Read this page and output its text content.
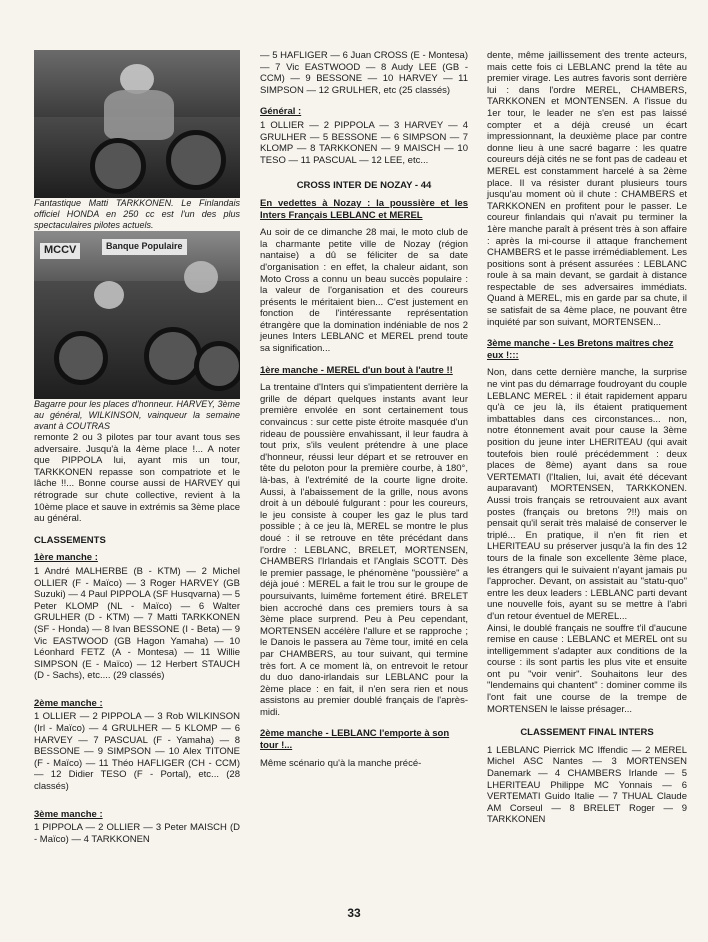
Fantastique Matti TARKKONEN. Le Finlandais officiel HONDA en 250 cc est l'un des plus spectaculaires pilotes actuels.

MCCV	Banque Populaire

Bagarre pour les places d'honneur. HARVEY, 3ème au général, WILKINSON, vainqueur la semaine avant à COUTRAS

remonte 2 ou 3 pilotes par tour avant tous ses adversaire. Jusqu'à la 4ème place !... A noter que PIPPOLA lui, ayant mis un tour, TARKKONEN repasse son compatriote et le lâche !!... Bonne course aussi de HARVEY qui rétrograde sur chute collective, revient à la 10ème place et sauve in extrémis sa 3ème place au général.

CLASSEMENTS
1ère manche :

1 André MALHERBE (B - KTM) — 2 Michel OLLIER (F - Maïco) — 3 Roger HARVEY (GB Suzuki) — 4 Paul PIPPOLA (SF Husqvarna) — 5 Peter KLOMP (NL - Maïco) — 6 Walter GRULHER (D - KTM) — 7 Matti TARKKONEN (SF - Honda) — 8 Ivan BESSONE (I - Beta) — 9 Vic EASTWOOD (GB Hagon Yamaha) — 10 Léonhard FETZ (A - Montesa) — 11 Willie SIMPSON (E - Maïco) — 12 Herbert STAUCH (D - Sachs), etc.... (29 classés)

2ème manche :

1 OLLIER — 2 PIPPOLA — 3 Rob WILKINSON (Irl - Maïco) — 4 GRULHER — 5 KLOMP — 6 HARVEY — 7 PASCUAL (F - Yamaha) — 8 BESSONE — 9 SIMPSON — 10 Alex TITONE (F - Maïco) — 11 Théo HAFLIGER (CH - CCM) — 12 Didier TESO (F - Portal), etc... (28 classés)

3ème manche :

1 PIPPOLA — 2 OLLIER — 3 Peter MAISCH (D - Maïco) — 4 TARKKONEN

— 5 HAFLIGER — 6 Juan CROSS (E - Montesa) — 7 Vic EASTWOOD — 8 Audy LEE (GB - CCM) — 9 BESSONE — 10 HARVEY — 11 SIMPSON — 12 GRULHER, etc (25 classés)

Général :

1 OLLIER — 2 PIPPOLA — 3 HARVEY — 4 GRULHER — 5 BESSONE — 6 SIMPSON — 7 KLOMP — 8 TARKKONEN — 9 MAISCH — 10 TESO — 11 PASCUAL — 12 LEE, etc...

CROSS INTER DE NOZAY - 44

En vedettes à Nozay : la poussière et les Inters Français LEBLANC et MEREL

Au soir de ce dimanche 28 mai, le moto club de la charmante petite ville de Nozay (région nantaise) a dû se féliciter de sa date d'organisation : en effet, la chaleur aidant, son Moto Cross a connu un beau succès populaire : la valeur de l'organisation et des coureurs présents le méritaient bien... C'est justement en fonction de l'intéressante représentation étrangère que la domination indéniable de nos 2 jeunes Inters LEBLANC et MEREL prend toute sa signification...

1ère manche - MEREL d'un bout à l'autre !!

La trentaine d'Inters qui s'impatientent derrière la grille de départ quelques instants avant leur première envolée en sont certainement tous convaincus : sur cette piste étroite masquée d'un rideau de poussière envahissant, il leur faudra à tout prix, s'ils veulent prétendre à une place d'honneur, réussi leur départ et se retrouver en tête du peloton pour la première courbe, à 180°, là-bas, à l'extrémité de la courte ligne droite. Aussi, à l'abaissement de la grille, nous avons droit à un déboulé fulgurant : pour les coureurs, le jeu consiste à couper les gaz le plus tard possible ; à ce jeu là, MEREL se montre le plus doué : il se retrouve en tête précédant dans l'ordre : LEBLANC, BRELET, MORTENSEN, CHAMBERS l'Irlandais et l'Anglais SCOTT. Dès le premier passage, le phénomène "poussière" a déjà joué : MEREL a fait le trou sur le groupe de poursuivants, luimême fortement étiré. BRELET bien accroché dans ces premiers tours à sa 3ème place surprend. Peu à Peu cependant, MORTENSEN accélère l'allure et se rapproche ; le Danois le passera au 7ème tour, imité en cela par CHAMBERS, au tour suivant, qui termine très fort. A ce moment là, on entrevoit le retour du duo dano-irlandais sur LEBLANC pour la 2ème place : en fait, il n'en sera rien et nous assistons au premier doublé français de l'après-midi.

2ème manche - LEBLANC l'emporte à son tour !...

Même scénario qu'à la manche précé-

dente, même jaillissement des trente acteurs, mais cette fois ci LEBLANC prend la tête au premier virage. Les autres favoris sont derrière lui : dans l'ordre MEREL, CHAMBERS, TARKKONEN et MONTENSEN. A l'issue du 1er tour, le leader ne s'en est pas laissé compter et a déjà creusé un écart impressionnant, la deuxième place par contre donne lieu à une sacré bagarre : les quatre coureurs déjà cités ne se font pas de cadeau et MEREL est constamment harcelé à sa 2ème place. Il va résister durant plusieurs tours jusqu'au moment où il chute : CHAMBERS et TARKKONEN en profitent pour le passer. Le coureur finlandais qui n'avait pu terminer la 1ère manche paraît à présent très à son affaire : après la mi-course il attaque franchement CHAMBERS et le passe irrémédiablement. Les positions sont à présent assurées : LEBLANC roule à sa main devant, se gardait à distance respectable de ses adversaires immédiats. Quand à MEREL, mis en garde par sa chute, il se satisfait de sa 4ème place, ne pouvant être inquiété par son suivant, MORTENSEN...

3ème manche - Les Bretons maîtres chez eux !:::

Non, dans cette dernière manche, la surprise ne vint pas du démarrage foudroyant du couple LEBLANC MEREL : il était rapidement apparu qu'à ce jeu là, ils étaient pratiquement imbattables dans ces circonstances... non, notre étonnement avait pour cause la 3ème position du jeune inter LHERITEAU (qui avait toutefois bien roulé précédemment : deux places de 8ème) ayant dans sa roue VERTEMATI (l'Italien, lui, avait été décevant auparavant) MORTENSEN, TARKKONEN. Aussi trois français se retrouvaient aux avant postes (français ou bretons ?!!) mais on pensait qu'il serait très malaisé de conserver le triplé... En pratique, il n'en fit rien et LHERITEAU su préserver jusqu'à la fin des 12 tours de la finale son excellente 3ème place, les étrangers qui le suivaient n'ayant jamais pu l'approcher. Devant, on assistait au "statu-quo" entre les deux leaders : LEBLANC parti devant une nouvelle fois, ayant su se mettre à l'abri d'un retour éventuel de MEREL...

Ainsi, le doublé français ne souffre t'il d'aucune remise en cause : LEBLANC et MEREL ont su intelligemment s'adapter aux conditions de la course : ils sont partis les plus vite et ensuite ont pu "voir venir". Souhaitons leur des "lendemains qui chantent" : dominer comme ils l'ont fait une course de la trempe de MORTENSEN le laisse présager...

CLASSEMENT FINAL INTERS

1 LEBLANC Pierrick MC Iffendic — 2 MEREL Michel ASC Nantes — 3 MORTENSEN Danemark — 4 CHAMBERS Irlande — 5 LHERITEAU Philippe MC Yonnais — 6 VERTEMATI Guido Italie — 7 THUAL Claude AM Corseul — 8 BRELET Roger — 9 TARKKONEN

33
